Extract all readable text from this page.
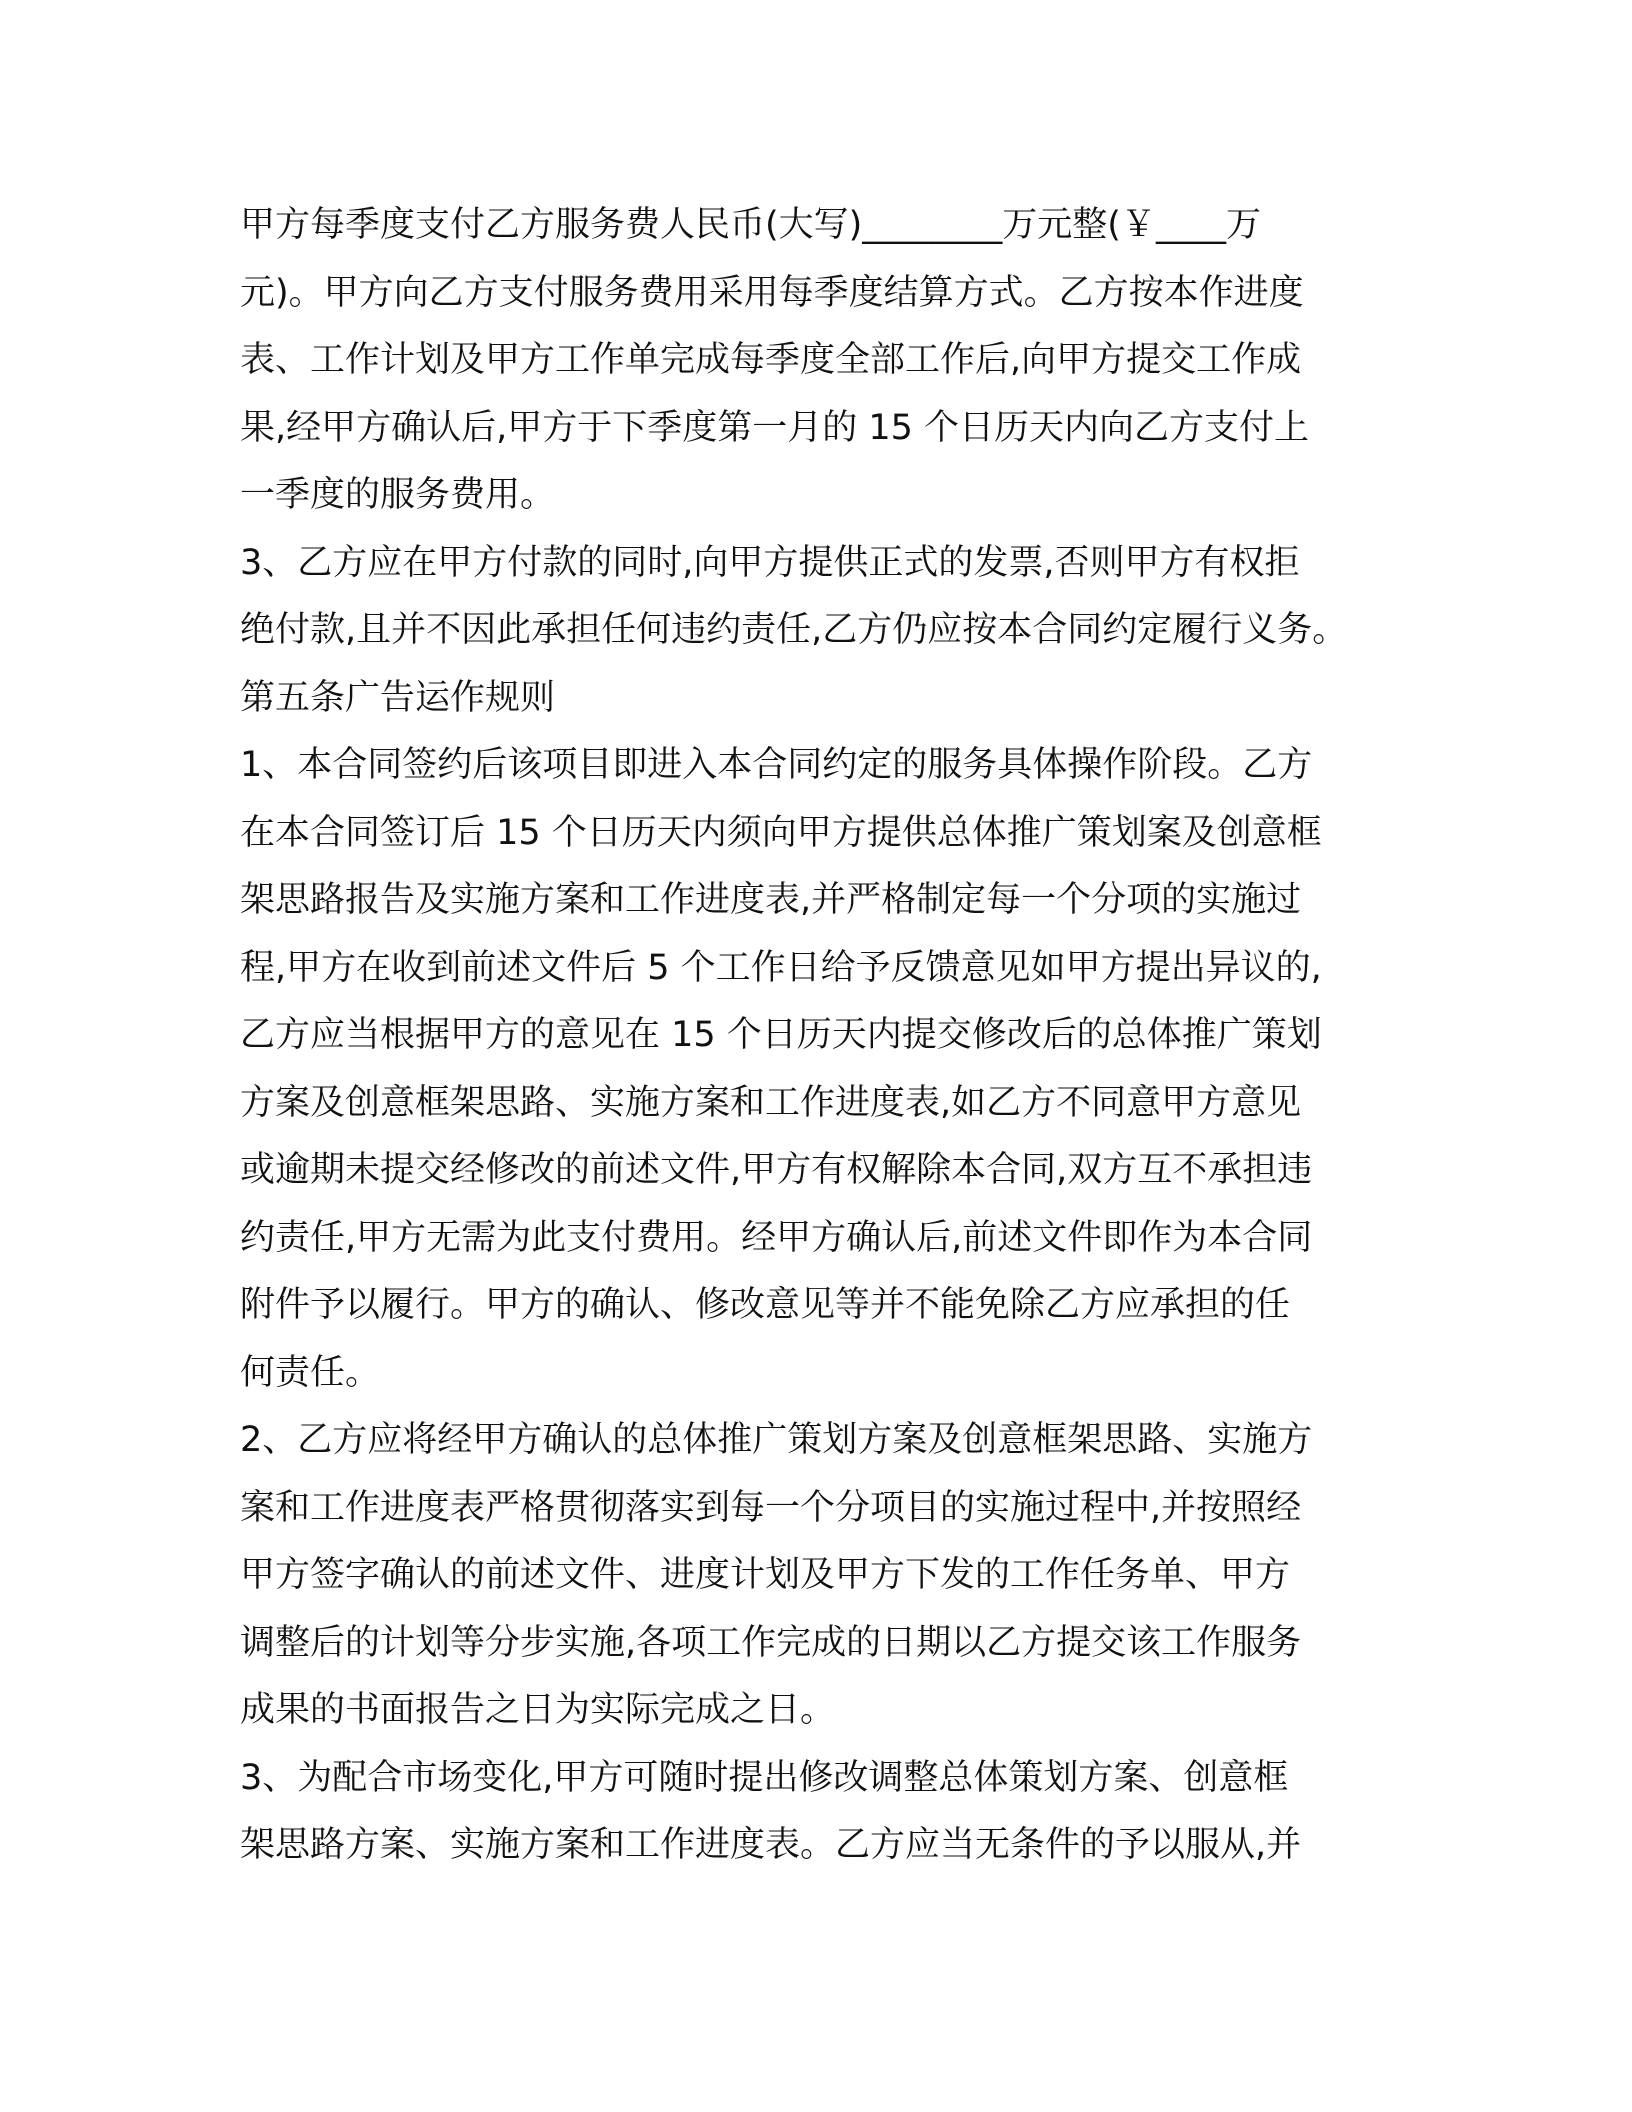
甲方每季度支付乙方服务费人民币(大写)________万元整(￥____万
元)。甲方向乙方支付服务费用采用每季度结算方式。乙方按本作进度
表、工作计划及甲方工作单完成每季度全部工作后,向甲方提交工作成
果,经甲方确认后,甲方于下季度第一月的 15 个日历天内向乙方支付上
一季度的服务费用。
3、乙方应在甲方付款的同时,向甲方提供正式的发票,否则甲方有权拒
绝付款,且并不因此承担任何违约责任,乙方仍应按本合同约定履行义务。
第五条广告运作规则
1、本合同签约后该项目即进入本合同约定的服务具体操作阶段。乙方
在本合同签订后 15 个日历天内须向甲方提供总体推广策划案及创意框
架思路报告及实施方案和工作进度表,并严格制定每一个分项的实施过
程,甲方在收到前述文件后 5 个工作日给予反馈意见如甲方提出异议的,
乙方应当根据甲方的意见在 15 个日历天内提交修改后的总体推广策划
方案及创意框架思路、实施方案和工作进度表,如乙方不同意甲方意见
或逾期未提交经修改的前述文件,甲方有权解除本合同,双方互不承担违
约责任,甲方无需为此支付费用。经甲方确认后,前述文件即作为本合同
附件予以履行。甲方的确认、修改意见等并不能免除乙方应承担的任
何责任。
2、乙方应将经甲方确认的总体推广策划方案及创意框架思路、实施方
案和工作进度表严格贯彻落实到每一个分项目的实施过程中,并按照经
甲方签字确认的前述文件、进度计划及甲方下发的工作任务单、甲方
调整后的计划等分步实施,各项工作完成的日期以乙方提交该工作服务
成果的书面报告之日为实际完成之日。
3、为配合市场变化,甲方可随时提出修改调整总体策划方案、创意框
架思路方案、实施方案和工作进度表。乙方应当无条件的予以服从,并
